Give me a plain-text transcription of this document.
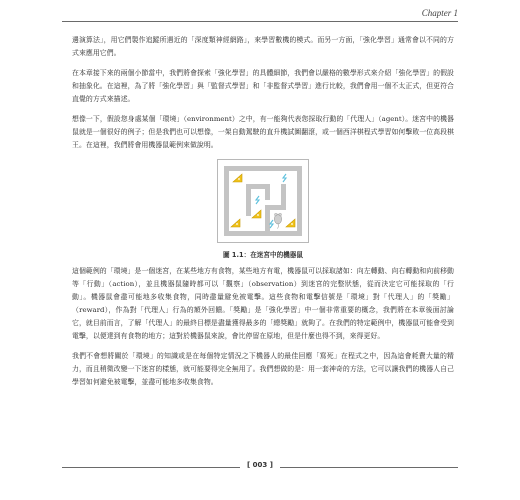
Chapter 1

邊演算法」，用它們製作追蹤所遇近的「深度類神經網路」，來學習數機的模式。而另一方面，「強化學習」通常會以不同的方式來應用它們。

在本章接下來的兩個小節當中，我們將會探索「強化學習」的具體細節，我們會以嚴格的數學形式來介紹「強化學習」的假設和抽象化。在這裡，為了將「強化學習」與「監督式學習」和「非監督式學習」進行比較，我們會用一個不太正式，但更符合直覺的方式來描述。

想像一下，假設您身處某個「環境」（environment）之中，有一能夠代表您採取行動的「代理人」（agent）。迷宮中的機器鼠就是一個很好的例子；但是我們也可以想像，一架自動駕駛的直升機試圖翻滾，或一個西洋棋程式學習如何擊敗一位高段棋王。在這裡，我們將會用機器鼠範例來做說明。

圖 1.1：在迷宮中的機器鼠

這個範例的「環境」是一個迷宮，在某些地方有食物，某些地方有電，機器鼠可以採取諸如：向左轉動、向右轉動和向前移動等「行動」（action），並且機器鼠隨時都可以「觀察」（observation）到迷宮的完整狀態，從而決定它可能採取的「行動」。機器鼠會盡可能地多收集食物，同時盡量避免被電擊。這些食物和電擊信號是「環境」對「代理人」的「獎勵」（reward），作為對「代理人」行為的額外回饋。「獎勵」是「強化學習」中一個非常重要的概念，我們將在本章後面討論它，就目前而言，了解「代理人」的最終目標是盡量獲得最多的「總獎勵」就夠了。在我們的特定範例中，機器鼠可能會受到電擊，以便達到有食物的地方；這對於機器鼠來說，會比停留在原地，但是什麼也得不到，來得更好。

我們不會想將關於「環境」的知識或是在每個特定情況之下機器人的最佳回應「寫死」在程式之中，因為這會耗費大量的精力，而且稍微改變一下迷宮的樣態，就可能要得完全無用了。我們想做的是：用一套神奇的方法，它可以讓我們的機器人自己學習如何避免被電擊，並盡可能地多收集食物。

[ 003 ]
